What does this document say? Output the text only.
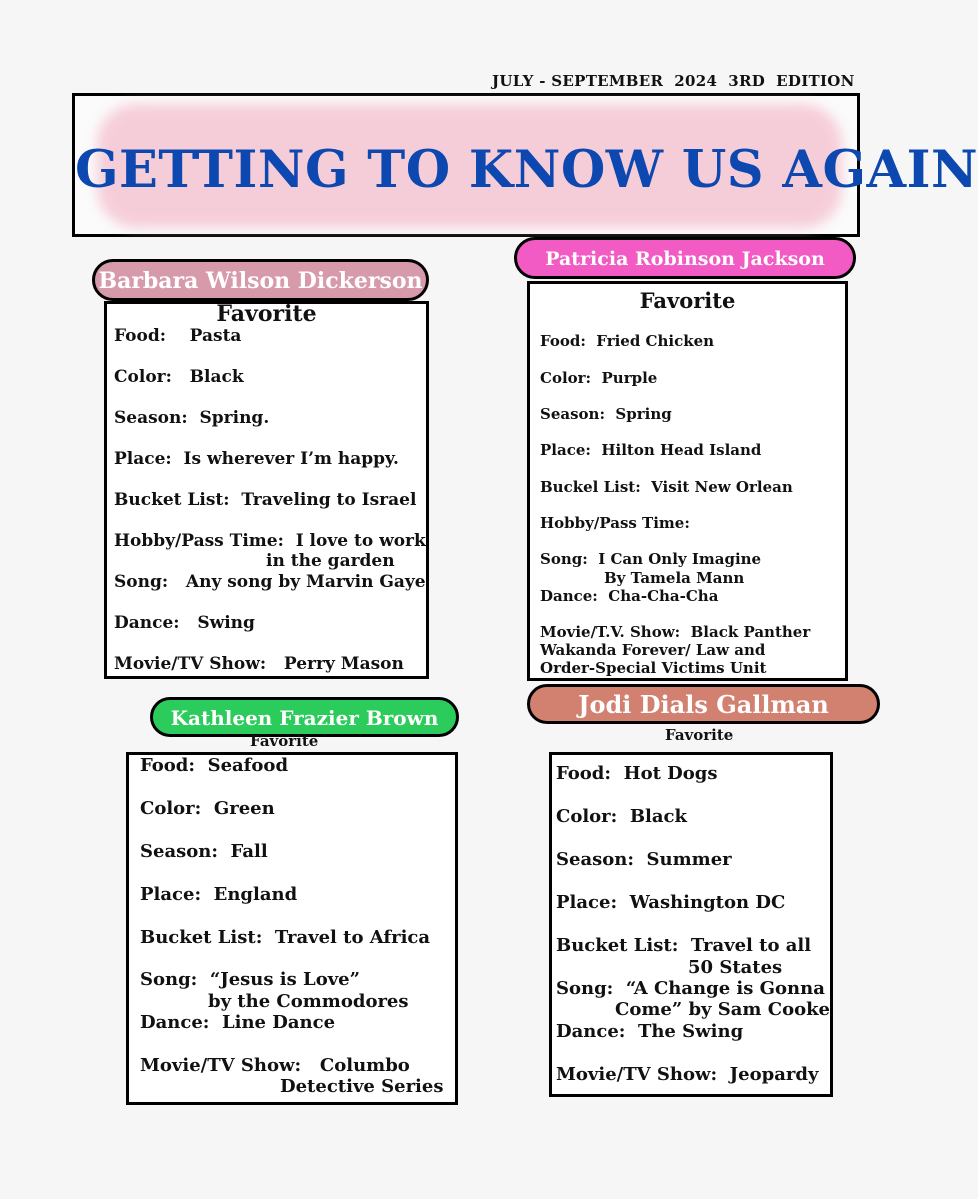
JULY - SEPTEMBER  2024  3RD  EDITION
GETTING TO KNOW US AGAIN
Barbara Wilson Dickerson
Favorite
Food:    Pasta
Color:   Black
Season:  Spring.
Place:  Is wherever I’m happy.
Bucket List:  Traveling to Israel
Hobby/Pass Time:  I love to work
in the garden
Song:   Any song by Marvin Gaye
Dance:   Swing
Movie/TV Show:   Perry Mason
Patricia Robinson Jackson
Favorite
Food:  Fried Chicken
Color:  Purple
Season:  Spring
Place:  Hilton Head Island
Buckel List:  Visit New Orlean
Hobby/Pass Time:
Song:  I Can Only Imagine
By Tamela Mann
Dance:  Cha-Cha-Cha
Movie/T.V. Show:  Black Panther
Wakanda Forever/ Law and
Order-Special Victims Unit
Kathleen Frazier Brown
Favorite
Food:  Seafood
Color:  Green
Season:  Fall
Place:  England
Bucket List:  Travel to Africa
Song:  “Jesus is Love”
by the Commodores
Dance:  Line Dance
Movie/TV Show:   Columbo
Detective Series
Jodi Dials Gallman
Favorite
Food:  Hot Dogs
Color:  Black
Season:  Summer
Place:  Washington DC
Bucket List:  Travel to all
50 States
Song:  “A Change is Gonna
Come” by Sam Cooke
Dance:  The Swing
Movie/TV Show:  Jeopardy
